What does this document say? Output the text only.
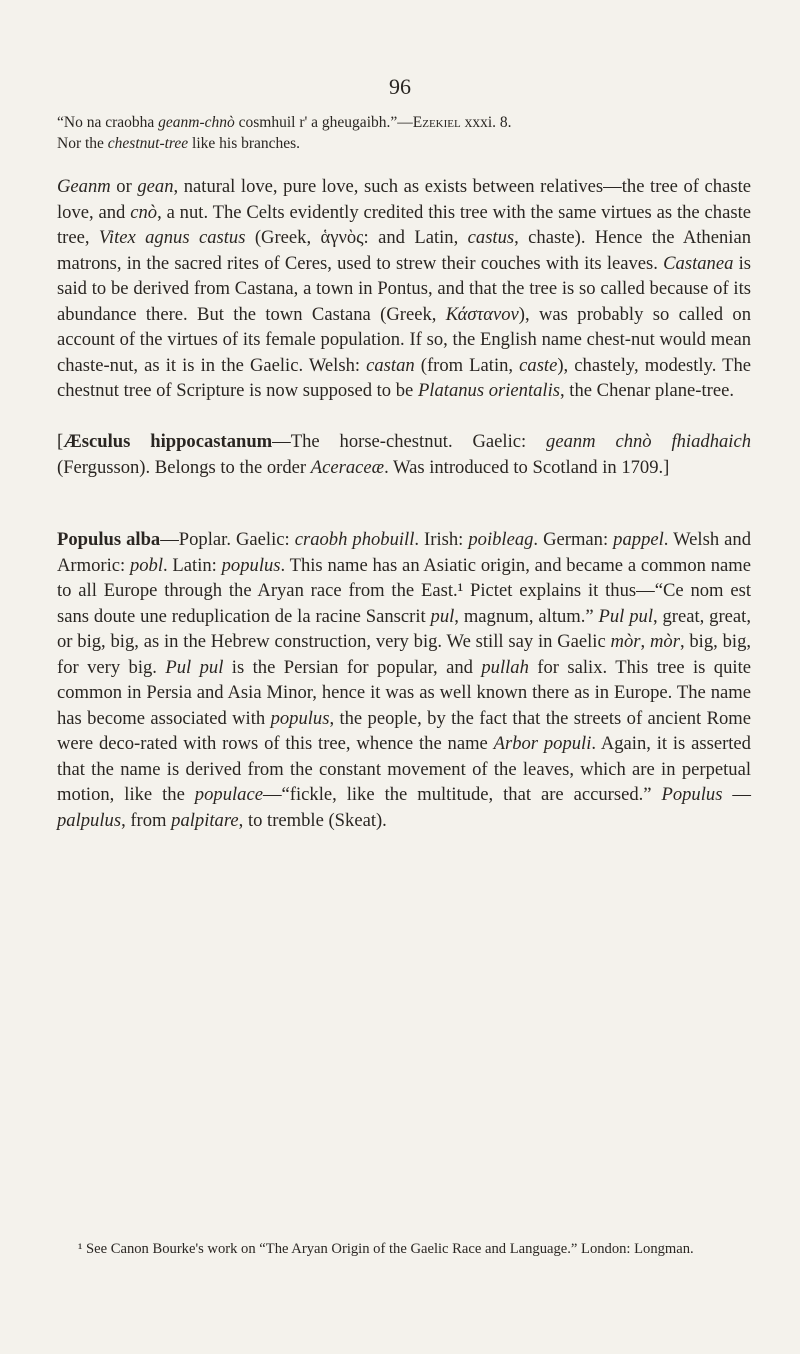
96
“No na craobha geanm-chnò cosmhuil r' a gheugaibh.”—Ezekiel xxxi. 8.
Nor the chestnut-tree like his branches.

Geanm or gean, natural love, pure love, such as exists between relatives—the tree of chaste love, and cnò, a nut. The Celts evidently credited this tree with the same virtues as the chaste tree, Vitex agnus castus (Greek, ἁγνὸς: and Latin, castus, chaste). Hence the Athenian matrons, in the sacred rites of Ceres, used to strew their couches with its leaves. Castanea is said to be derived from Castana, a town in Pontus, and that the tree is so called because of its abundance there. But the town Castana (Greek, Κάσταvov), was probably so called on account of the virtues of its female population. If so, the English name chest-nut would mean chaste-nut, as it is in the Gaelic. Welsh: castan (from Latin, caste), chastely, modestly. The chestnut tree of Scripture is now supposed to be Platanus orientalis, the Chenar plane-tree.

[Æsculus hippocastanum—The horse-chestnut. Gaelic: geanm chnò fhiadhaich (Fergusson). Belongs to the order Aceraceæ. Was introduced to Scotland in 1709.]

Populus alba—Poplar. Gaelic: craobh phobuill. Irish: poibleag. German: pappel. Welsh and Armoric: pobl. Latin: populus. This name has an Asiatic origin, and became a common name to all Europe through the Aryan race from the East.¹ Pictet explains it thus—“Ce nom est sans doute une reduplication de la racine Sanscrit pul, magnum, altum.” Pul pul, great, great, or big, big, as in the Hebrew construction, very big. We still say in Gaelic mòr, mòr, big, big, for very big. Pul pul is the Persian for popular, and pullah for salix. This tree is quite common in Persia and Asia Minor, hence it was as well known there as in Europe. The name has become associated with populus, the people, by the fact that the streets of ancient Rome were deco-rated with rows of this tree, whence the name Arbor populi. Again, it is asserted that the name is derived from the constant movement of the leaves, which are in perpetual motion, like the populace—“fickle, like the multitude, that are accursed.” Populus —palpulus, from palpitare, to tremble (Skeat).

¹ See Canon Bourke's work on “The Aryan Origin of the Gaelic Race and Language.” London: Longman.
